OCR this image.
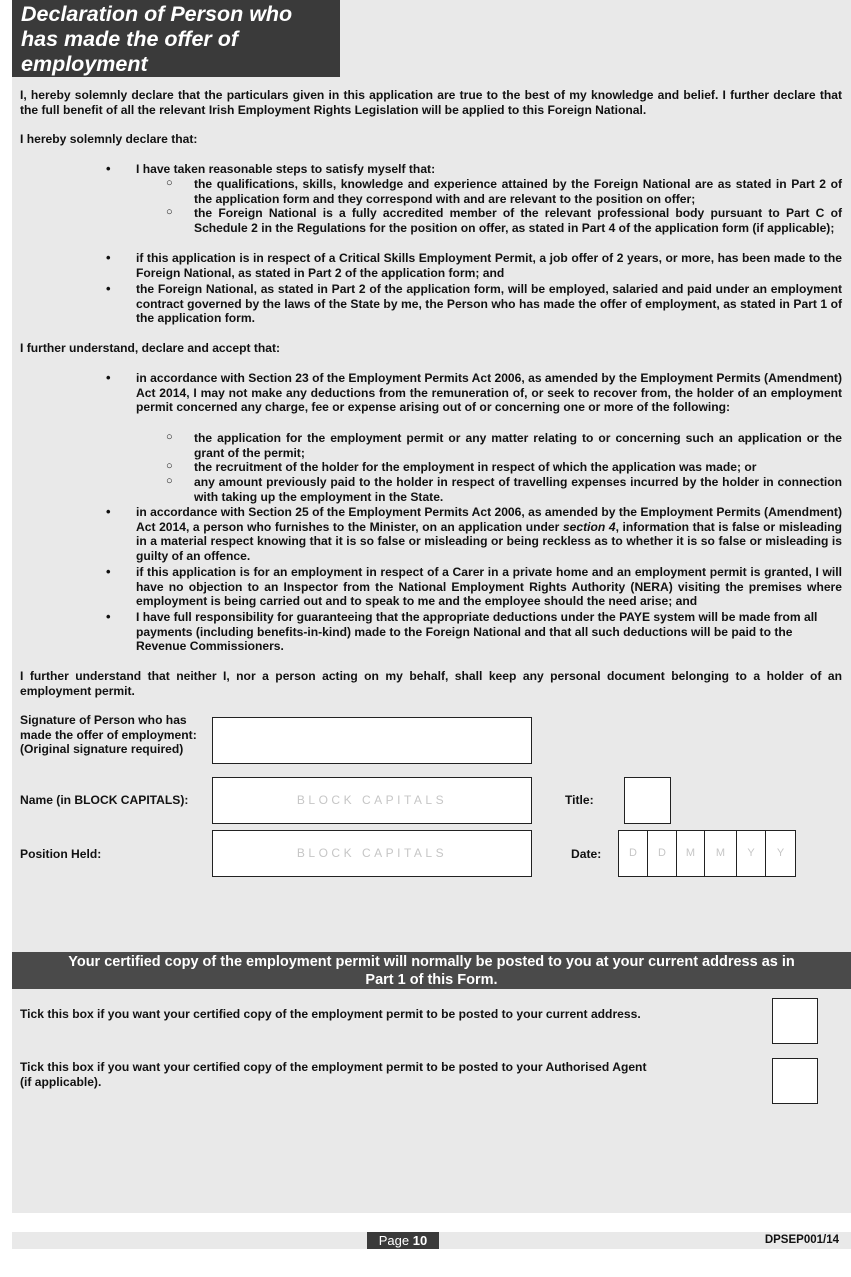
Declaration of Person who
has made the offer of
employment
I, hereby solemnly declare that the particulars given in this application are true to the best of my knowledge and belief. I further declare that the full benefit of all the relevant Irish Employment Rights Legislation will be applied to this Foreign National.
I hereby solemnly declare that:
• I have taken reasonable steps to satisfy myself that:
○ the qualifications, skills, knowledge and experience attained by the Foreign National are as stated in Part 2 of the application form and they correspond with and are relevant to the position on offer;
○ the Foreign National is a fully accredited member of the relevant professional body pursuant to Part C of Schedule 2 in the Regulations for the position on offer, as stated in Part 4 of the application form (if applicable);
• if this application is in respect of a Critical Skills Employment Permit, a job offer of 2 years, or more, has been made to the Foreign National, as stated in Part 2 of the application form; and
• the Foreign National, as stated in Part 2 of the application form, will be employed, salaried and paid under an employment contract governed by the laws of the State by me, the Person who has made the offer of employment, as stated in Part 1 of the application form.
I further understand, declare and accept that:
• in accordance with Section 23 of the Employment Permits Act 2006, as amended by the Employment Permits (Amendment) Act 2014, I may not make any deductions from the remuneration of, or seek to recover from, the holder of an employment permit concerned any charge, fee or expense arising out of or concerning one or more of the following:
○ the application for the employment permit or any matter relating to or concerning such an application or the grant of the permit;
○ the recruitment of the holder for the employment in respect of which the application was made; or
○ any amount previously paid to the holder in respect of travelling expenses incurred by the holder in connection with taking up the employment in the State.
• in accordance with Section 25 of the Employment Permits Act 2006, as amended by the Employment Permits (Amendment) Act 2014, a person who furnishes to the Minister, on an application under section 4, information that is false or misleading in a material respect knowing that it is so false or misleading or being reckless as to whether it is so false or misleading is guilty of an offence.
• if this application is for an employment in respect of a Carer in a private home and an employment permit is granted, I will have no objection to an Inspector from the National Employment Rights Authority (NERA) visiting the premises where employment is being carried out and to speak to me and the employee should the need arise; and
• I have full responsibility for guaranteeing that the appropriate deductions under the PAYE system will be made from all payments (including benefits-in-kind) made to the Foreign National and that all such deductions will be paid to the Revenue Commissioners.
I further understand that neither I, nor a person acting on my behalf, shall keep any personal document belonging to a holder of an employment permit.
Signature of Person who has made the offer of employment:
(Original signature required)
Name (in BLOCK CAPITALS):	BLOCK CAPITALS	Title:
Position Held:	BLOCK CAPITALS	Date:	D	D	M	M	Y	Y
Your certified copy of the employment permit will normally be posted to you at your current address as in
Part 1 of this Form.
Tick this box if you want your certified copy of the employment permit to be posted to your current address.
Tick this box if you want your certified copy of the employment permit to be posted to your Authorised Agent
(if applicable).
Page 10	DPSEP001/14
